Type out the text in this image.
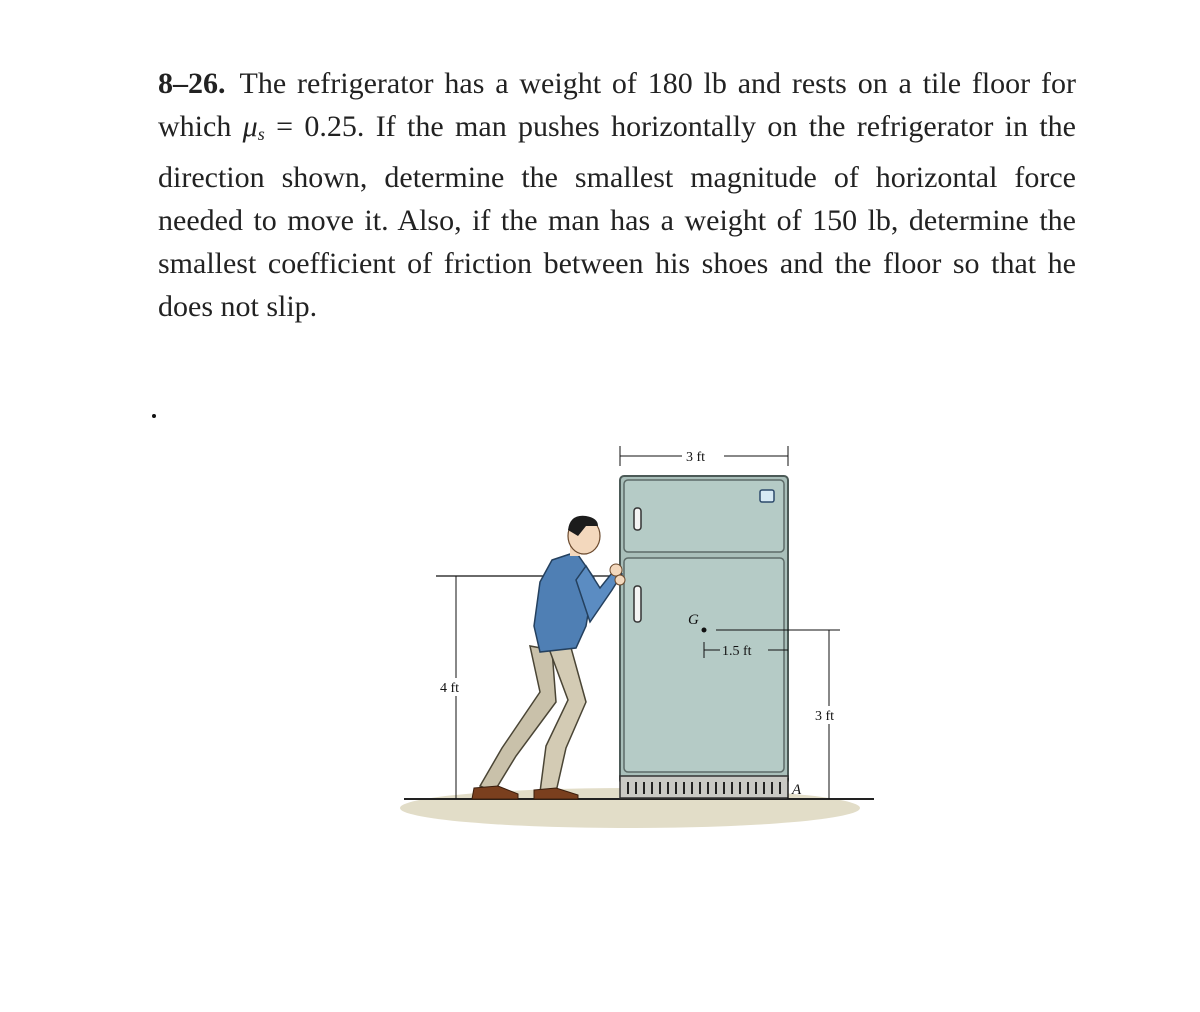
8–26. The refrigerator has a weight of 180 lb and rests on a tile floor for which $\mu_s = 0.25$. If the man pushes horizontally on the refrigerator in the direction shown, determine the smallest magnitude of horizontal force needed to move it. Also, if the man has a weight of 150 lb, determine the smallest coefficient of friction between his shoes and the floor so that he does not slip.
G
1.5 ft
3 ft
A
3 ft
4 ft
